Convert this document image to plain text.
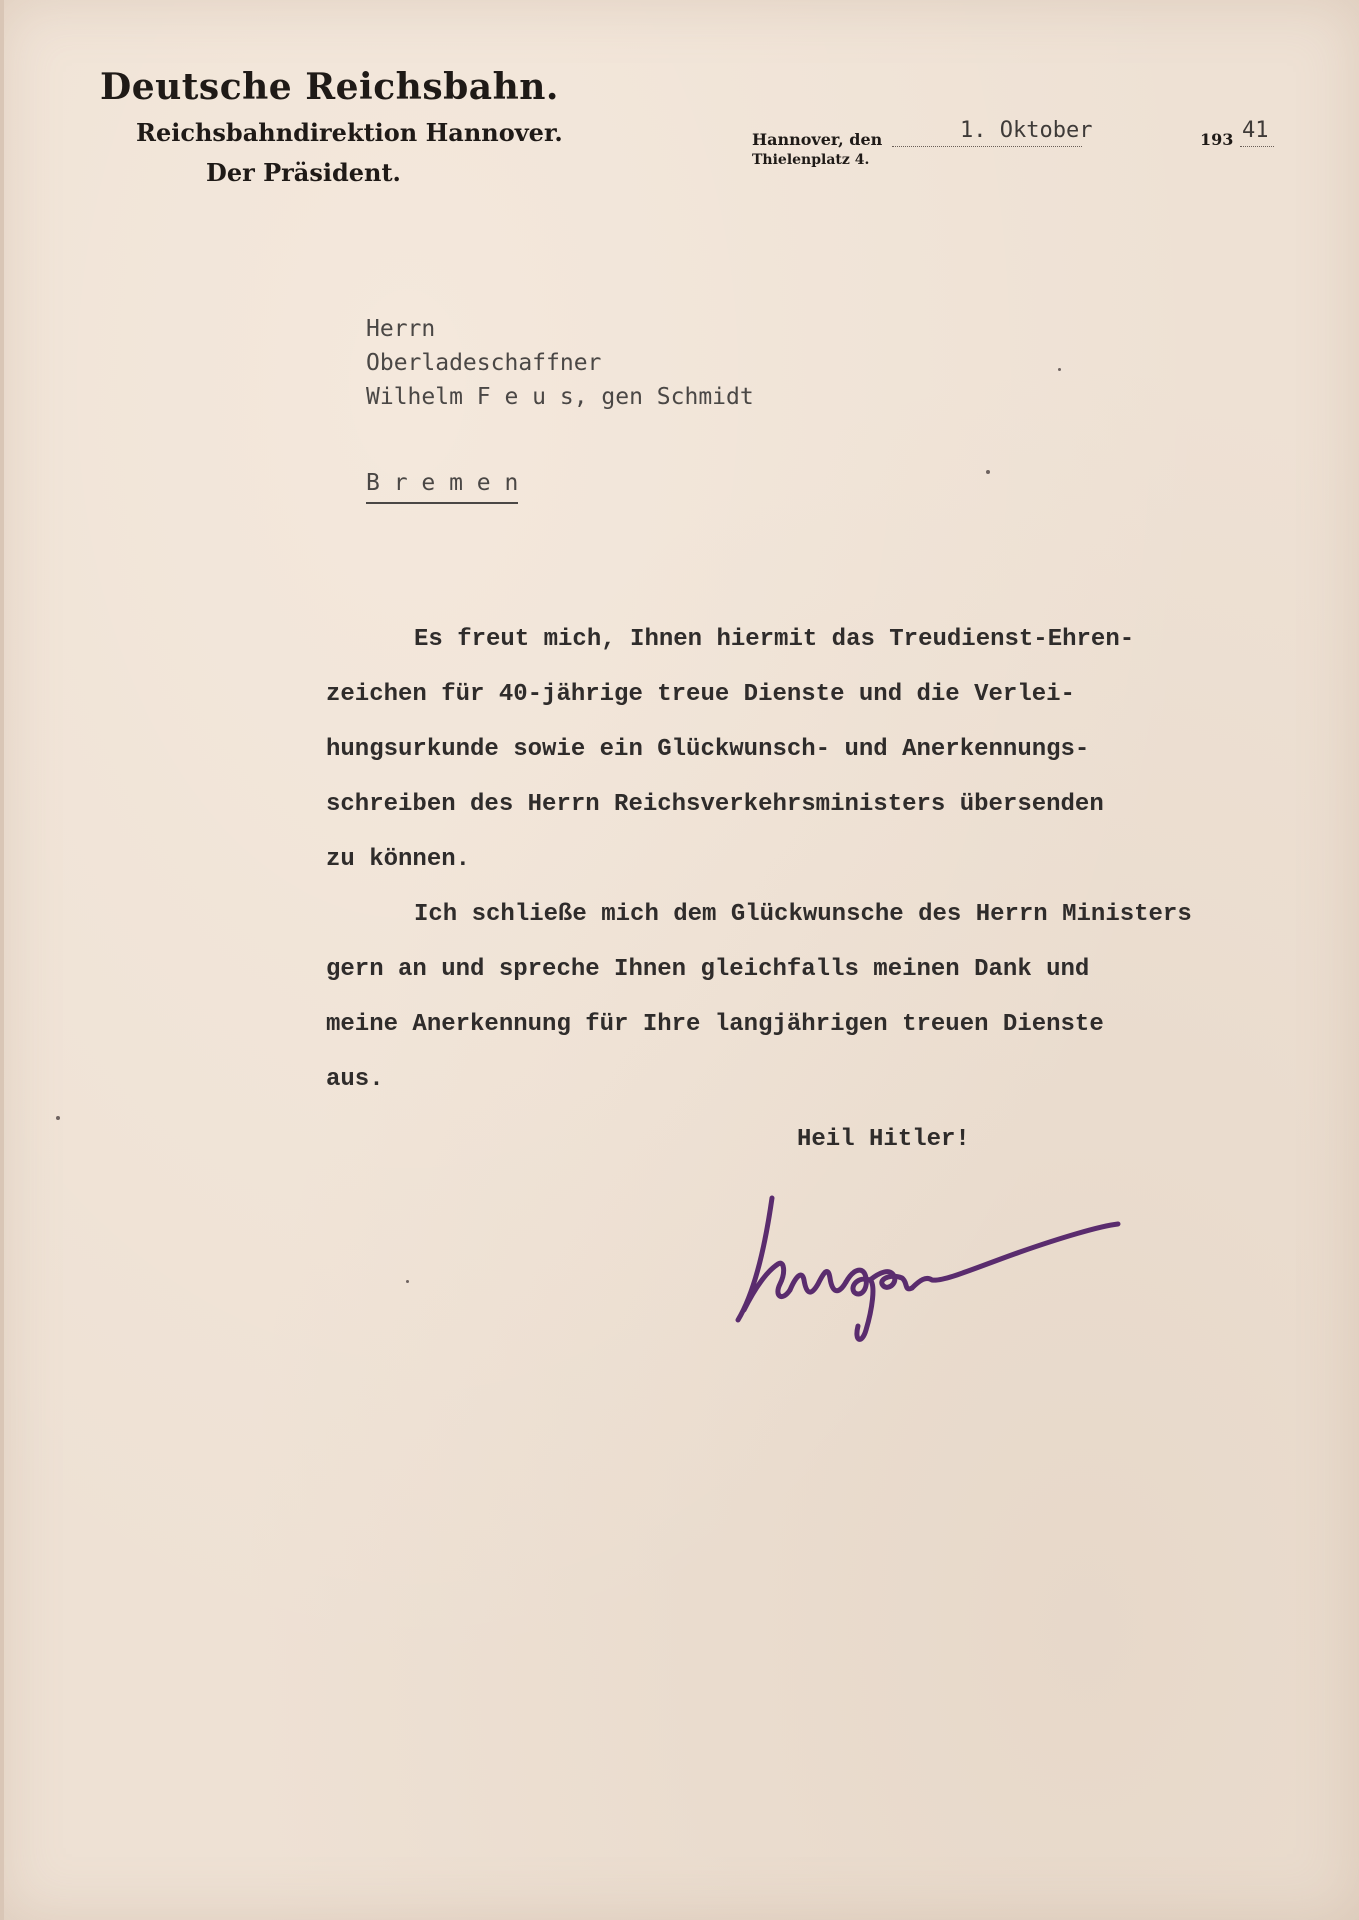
Deutsche Reichsbahn.
Reichsbahndirektion Hannover.
Der Präsident.
Hannover, den	1. Oktober	193 41
Thielenplatz 4.
Herrn
Oberladeschaffner
Wilhelm F e u s, gen Schmidt
B r e m e n
Es freut mich, Ihnen hiermit das Treudienst-Ehren-
zeichen für 40-jährige treue Dienste und die Verlei-
hungsurkunde sowie ein Glückwunsch- und Anerkennungs-
schreiben des Herrn Reichsverkehrsministers übersenden
zu können.
Ich schließe mich dem Glückwunsche des Herrn Ministers
gern an und spreche Ihnen gleichfalls meinen Dank und
meine Anerkennung für Ihre langjährigen treuen Dienste
aus.
Heil Hitler!
Krüger
